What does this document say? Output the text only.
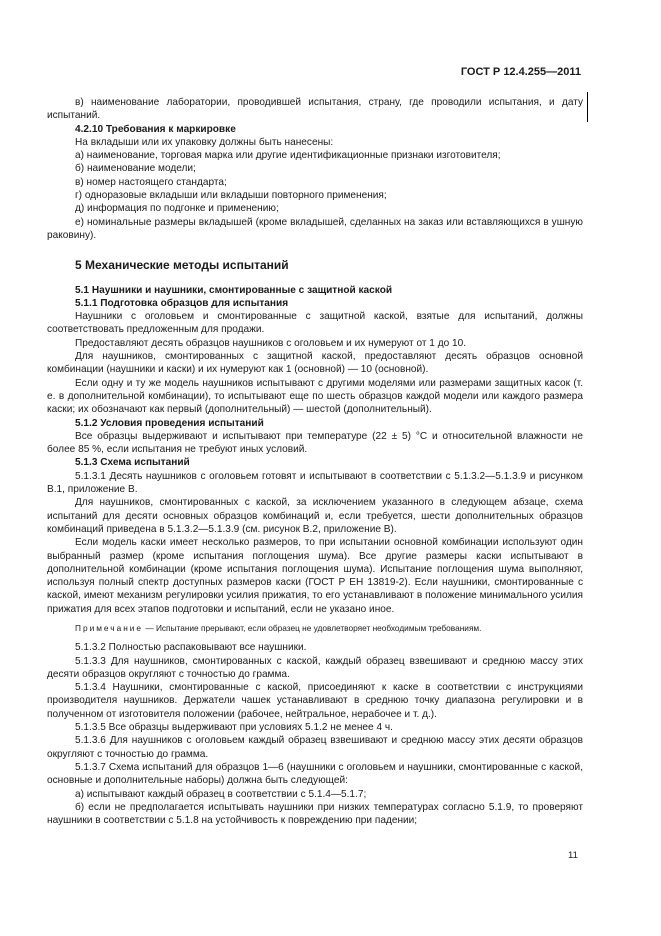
ГОСТ Р 12.4.255—2011

в) наименование лаборатории, проводившей испытания, страну, где проводили испытания, и дату испытаний.

4.2.10 Требования к маркировке

На вкладыши или их упаковку должны быть нанесены:

а) наименование, торговая марка или другие идентификационные признаки изготовителя;

б) наименование модели;

в) номер настоящего стандарта;

г) одноразовые вкладыши или вкладыши повторного применения;

д) информация по подгонке и применению;

е) номинальные размеры вкладышей (кроме вкладышей, сделанных на заказ или вставляющихся в ушную раковину).

5 Механические методы испытаний

5.1 Наушники и наушники, смонтированные с защитной каской

5.1.1 Подготовка образцов для испытания

Наушники с оголовьем и смонтированные с защитной каской, взятые для испытаний, должны соответствовать предложенным для продажи.

Предоставляют десять образцов наушников с оголовьем и их нумеруют от 1 до 10.

Для наушников, смонтированных с защитной каской, предоставляют десять образцов основной комбинации (наушники и каски) и их нумеруют как 1 (основной) — 10 (основной).

Если одну и ту же модель наушников испытывают с другими моделями или размерами защитных касок (т. е. в дополнительной комбинации), то испытывают еще по шесть образцов каждой модели или каждого размера каски; их обозначают как первый (дополнительный) — шестой (дополнительный).

5.1.2 Условия проведения испытаний

Все образцы выдерживают и испытывают при температуре (22 ± 5) °С и относительной влажности не более 85 %, если испытания не требуют иных условий.

5.1.3 Схема испытаний

5.1.3.1 Десять наушников с оголовьем готовят и испытывают в соответствии с 5.1.3.2—5.1.3.9 и рисунком В.1, приложение В.

Для наушников, смонтированных с каской, за исключением указанного в следующем абзаце, схема испытаний для десяти основных образцов комбинаций и, если требуется, шести дополнительных образцов комбинаций приведена в 5.1.3.2—5.1.3.9 (см. рисунок В.2, приложение В).

Если модель каски имеет несколько размеров, то при испытании основной комбинации используют один выбранный размер (кроме испытания поглощения шума). Все другие размеры каски испытывают в дополнительной комбинации (кроме испытания поглощения шума). Испытание поглощения шума выполняют, используя полный спектр доступных размеров каски (ГОСТ Р ЕН 13819-2). Если наушники, смонтированные с каской, имеют механизм регулировки усилия прижатия, то его устанавливают в положение минимального усилия прижатия для всех этапов подготовки и испытаний, если не указано иное.

Примечание — Испытание прерывают, если образец не удовлетворяет необходимым требованиям.

5.1.3.2 Полностью распаковывают все наушники.

5.1.3.3 Для наушников, смонтированных с каской, каждый образец взвешивают и среднюю массу этих десяти образцов округляют с точностью до грамма.

5.1.3.4 Наушники, смонтированные с каской, присоединяют к каске в соответствии с инструкциями производителя наушников. Держатели чашек устанавливают в среднюю точку диапазона регулировки и в полученном от изготовителя положении (рабочее, нейтральное, нерабочее и т. д.).

5.1.3.5 Все образцы выдерживают при условиях 5.1.2 не менее 4 ч.

5.1.3.6 Для наушников с оголовьем каждый образец взвешивают и среднюю массу этих десяти образцов округляют с точностью до грамма.

5.1.3.7 Схема испытаний для образцов 1—6 (наушники с оголовьем и наушники, смонтированные с каской, основные и дополнительные наборы) должна быть следующей:

а) испытывают каждый образец в соответствии с 5.1.4—5.1.7;

б) если не предполагается испытывать наушники при низких температурах согласно 5.1.9, то проверяют наушники в соответствии с 5.1.8 на устойчивость к повреждению при падении;

11
